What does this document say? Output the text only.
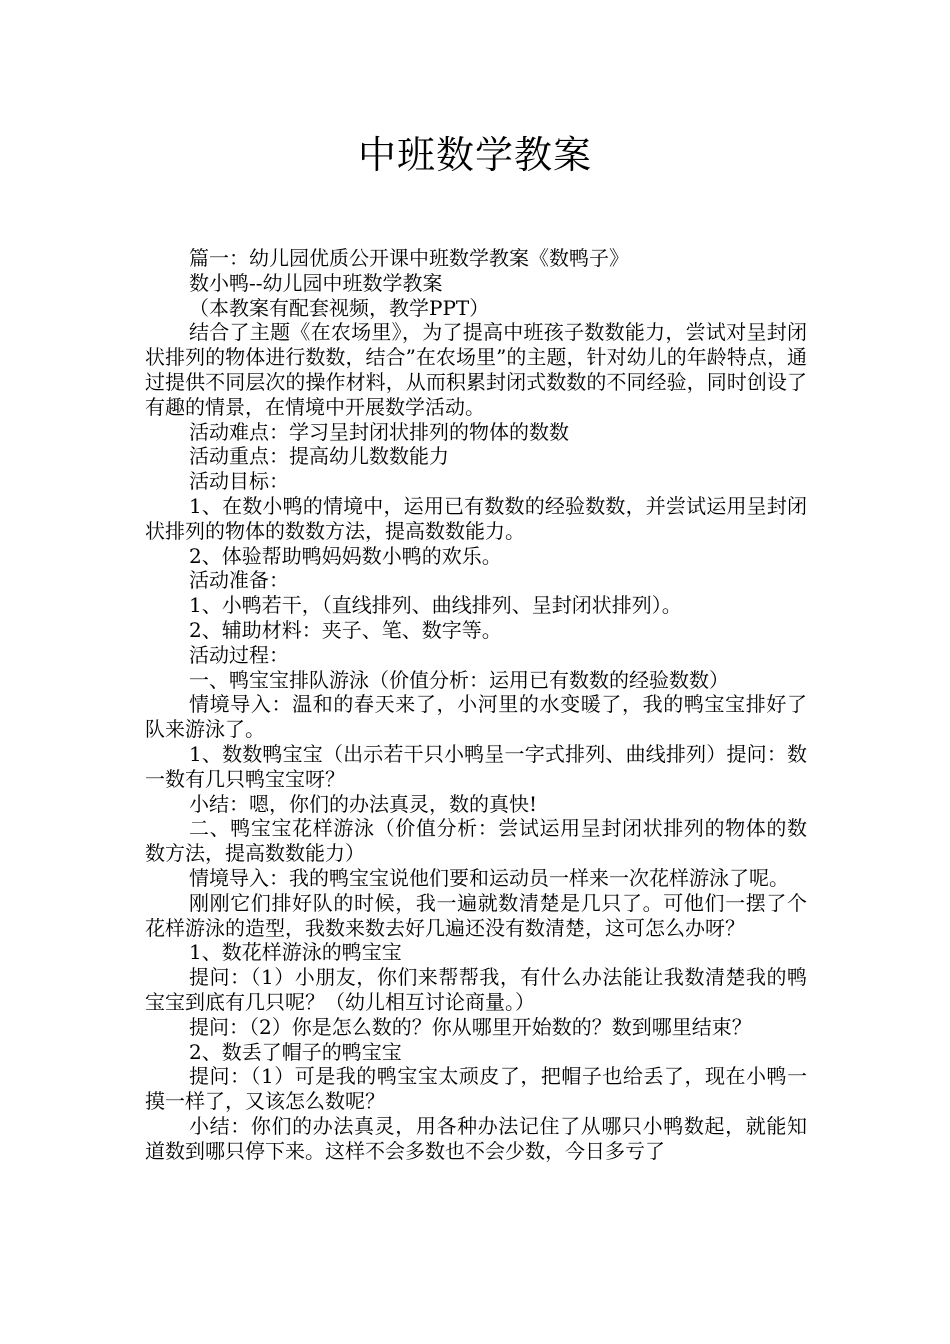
中班数学教案

篇一：幼儿园优质公开课中班数学教案《数鸭子》

数小鸭--幼儿园中班数学教案

（本教案有配套视频，教学PPT）

结合了主题《在农场里》，为了提高中班孩子数数能力，尝试对呈封闭状排列的物体进行数数，结合”在农场里”的主题，针对幼儿的年龄特点，通过提供不同层次的操作材料，从而积累封闭式数数的不同经验，同时创设了有趣的情景，在情境中开展数学活动。

活动难点：学习呈封闭状排列的物体的数数

活动重点：提高幼儿数数能力

活动目标：

1、在数小鸭的情境中，运用已有数数的经验数数，并尝试运用呈封闭状排列的物体的数数方法，提高数数能力。

2、体验帮助鸭妈妈数小鸭的欢乐。

活动准备：

1、小鸭若干，（直线排列、曲线排列、呈封闭状排列）。

2、辅助材料：夹子、笔、数字等。

活动过程：

一、鸭宝宝排队游泳（价值分析：运用已有数数的经验数数）

情境导入：温和的春天来了，小河里的水变暖了，我的鸭宝宝排好了队来游泳了。

1、数数鸭宝宝（出示若干只小鸭呈一字式排列、曲线排列）提问：数一数有几只鸭宝宝呀？

小结：嗯，你们的办法真灵，数的真快!

二、鸭宝宝花样游泳（价值分析：尝试运用呈封闭状排列的物体的数数方法，提高数数能力）

情境导入：我的鸭宝宝说他们要和运动员一样来一次花样游泳了呢。

刚刚它们排好队的时候，我一遍就数清楚是几只了。可他们一摆了个花样游泳的造型，我数来数去好几遍还没有数清楚，这可怎么办呀？

1、数花样游泳的鸭宝宝

提问：（1）小朋友，你们来帮帮我，有什么办法能让我数清楚我的鸭宝宝到底有几只呢？（幼儿相互讨论商量。）

提问：（2）你是怎么数的？你从哪里开始数的？数到哪里结束？

2、数丢了帽子的鸭宝宝

提问：（1）可是我的鸭宝宝太顽皮了，把帽子也给丢了，现在小鸭一摸一样了，又该怎么数呢？

小结：你们的办法真灵，用各种办法记住了从哪只小鸭数起，就能知道数到哪只停下来。这样不会多数也不会少数，今日多亏了
